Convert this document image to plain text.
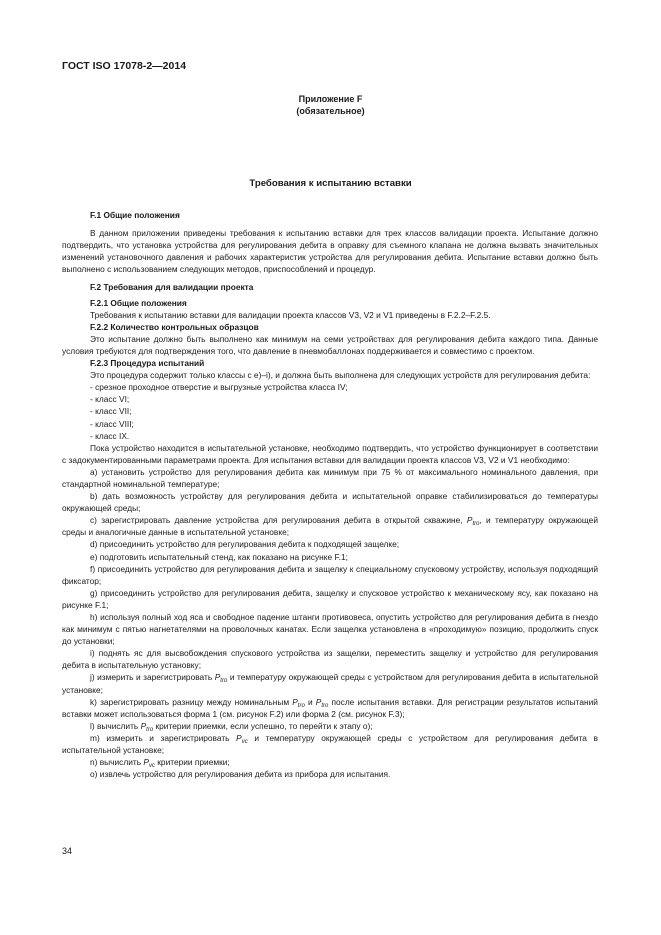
ГОСТ ISO 17078-2—2014
Приложение F
(обязательное)
Требования к испытанию вставки

F.1 Общие положения

В данном приложении приведены требования к испытанию вставки для трех классов валидации проекта. Испытание должно подтвердить, что установка устройства для регулирования дебита в оправку для съемного клапана не должна вызвать значительных изменений установочного давления и рабочих характеристик устройства для регулирования дебита. Испытание вставки должно быть выполнено с использованием следующих методов, приспособлений и процедур.

F.2 Требования для валидации проекта

F.2.1 Общие положения

Требования к испытанию вставки для валидации проекта классов V3, V2 и V1 приведены в F.2.2–F.2.5.

F.2.2 Количество контрольных образцов

Это испытание должно быть выполнено как минимум на семи устройствах для регулирования дебита каждого типа. Данные условия требуются для подтверждения того, что давление в пневмобаллонах поддерживается и совместимо с проектом.

F.2.3 Процедура испытаний

Это процедура содержит только классы с е)–i), и должна быть выполнена для следующих устройств для регулирования дебита:

- срезное проходное отверстие и выгрузные устройства класса IV;

- класс VI;

- класс VII;

- класс VIII;

- класс IX.

Пока устройство находится в испытательной установке, необходимо подтвердить, что устройство функционирует в соответствии с задокументированными параметрами проекта. Для испытания вставки для валидации проекта классов V3, V2 и V1 необходимо:

а) установить устройство для регулирования дебита как минимум при 75 % от максимального номинального давления, при стандартной номинальной температуре;

b) дать возможность устройству для регулирования дебита и испытательной оправке стабилизироваться до температуры окружающей среды;

c) зарегистрировать давление устройства для регулирования дебита в открытой скважине, $P_{tro}$, и температуру окружающей среды и аналогичные данные в испытательной установке;

d) присоединить устройство для регулирования дебита к подходящей защелке;

е) подготовить испытательный стенд, как показано на рисунке F.1;

f) присоединить устройство для регулирования дебита и защелку к специальному спусковому устройству, используя подходящий фиксатор;

g) присоединить устройство для регулирования дебита, защелку и спусковое устройство к механическому ясу, как показано на рисунке F.1;

h) используя полный ход яса и свободное падение штанги противовеса, опустить устройство для регулирования дебита в гнездо как минимум с пятью нагнетателями на проволочных канатах. Если защелка установлена в «проходимую» позицию, продолжить спуск до установки;

i) поднять яс для высвобождения спускового устройства из защелки, переместить защелку и устройство для регулирования дебита в испытательную установку;

j) измерить и зарегистрировать $P_{tro}$ и температуру окружающей среды с устройством для регулирования дебита в испытательной установке;

k) зарегистрировать разницу между номинальным $P_{tro}$ и $P_{tro}$ после испытания вставки. Для регистрации результатов испытаний вставки может использоваться форма 1 (см. рисунок F.2) или форма 2 (см. рисунок F.3);

l) вычислить $P_{tro}$ критерии приемки, если успешно, то перейти к этапу о);

m) измерить и зарегистрировать $P_{vc}$ и температуру окружающей среды с устройством для регулирования дебита в испытательной установке;

n) вычислить $P_{vc}$ критерии приемки;

о) извлечь устройство для регулирования дебита из прибора для испытания.

34
